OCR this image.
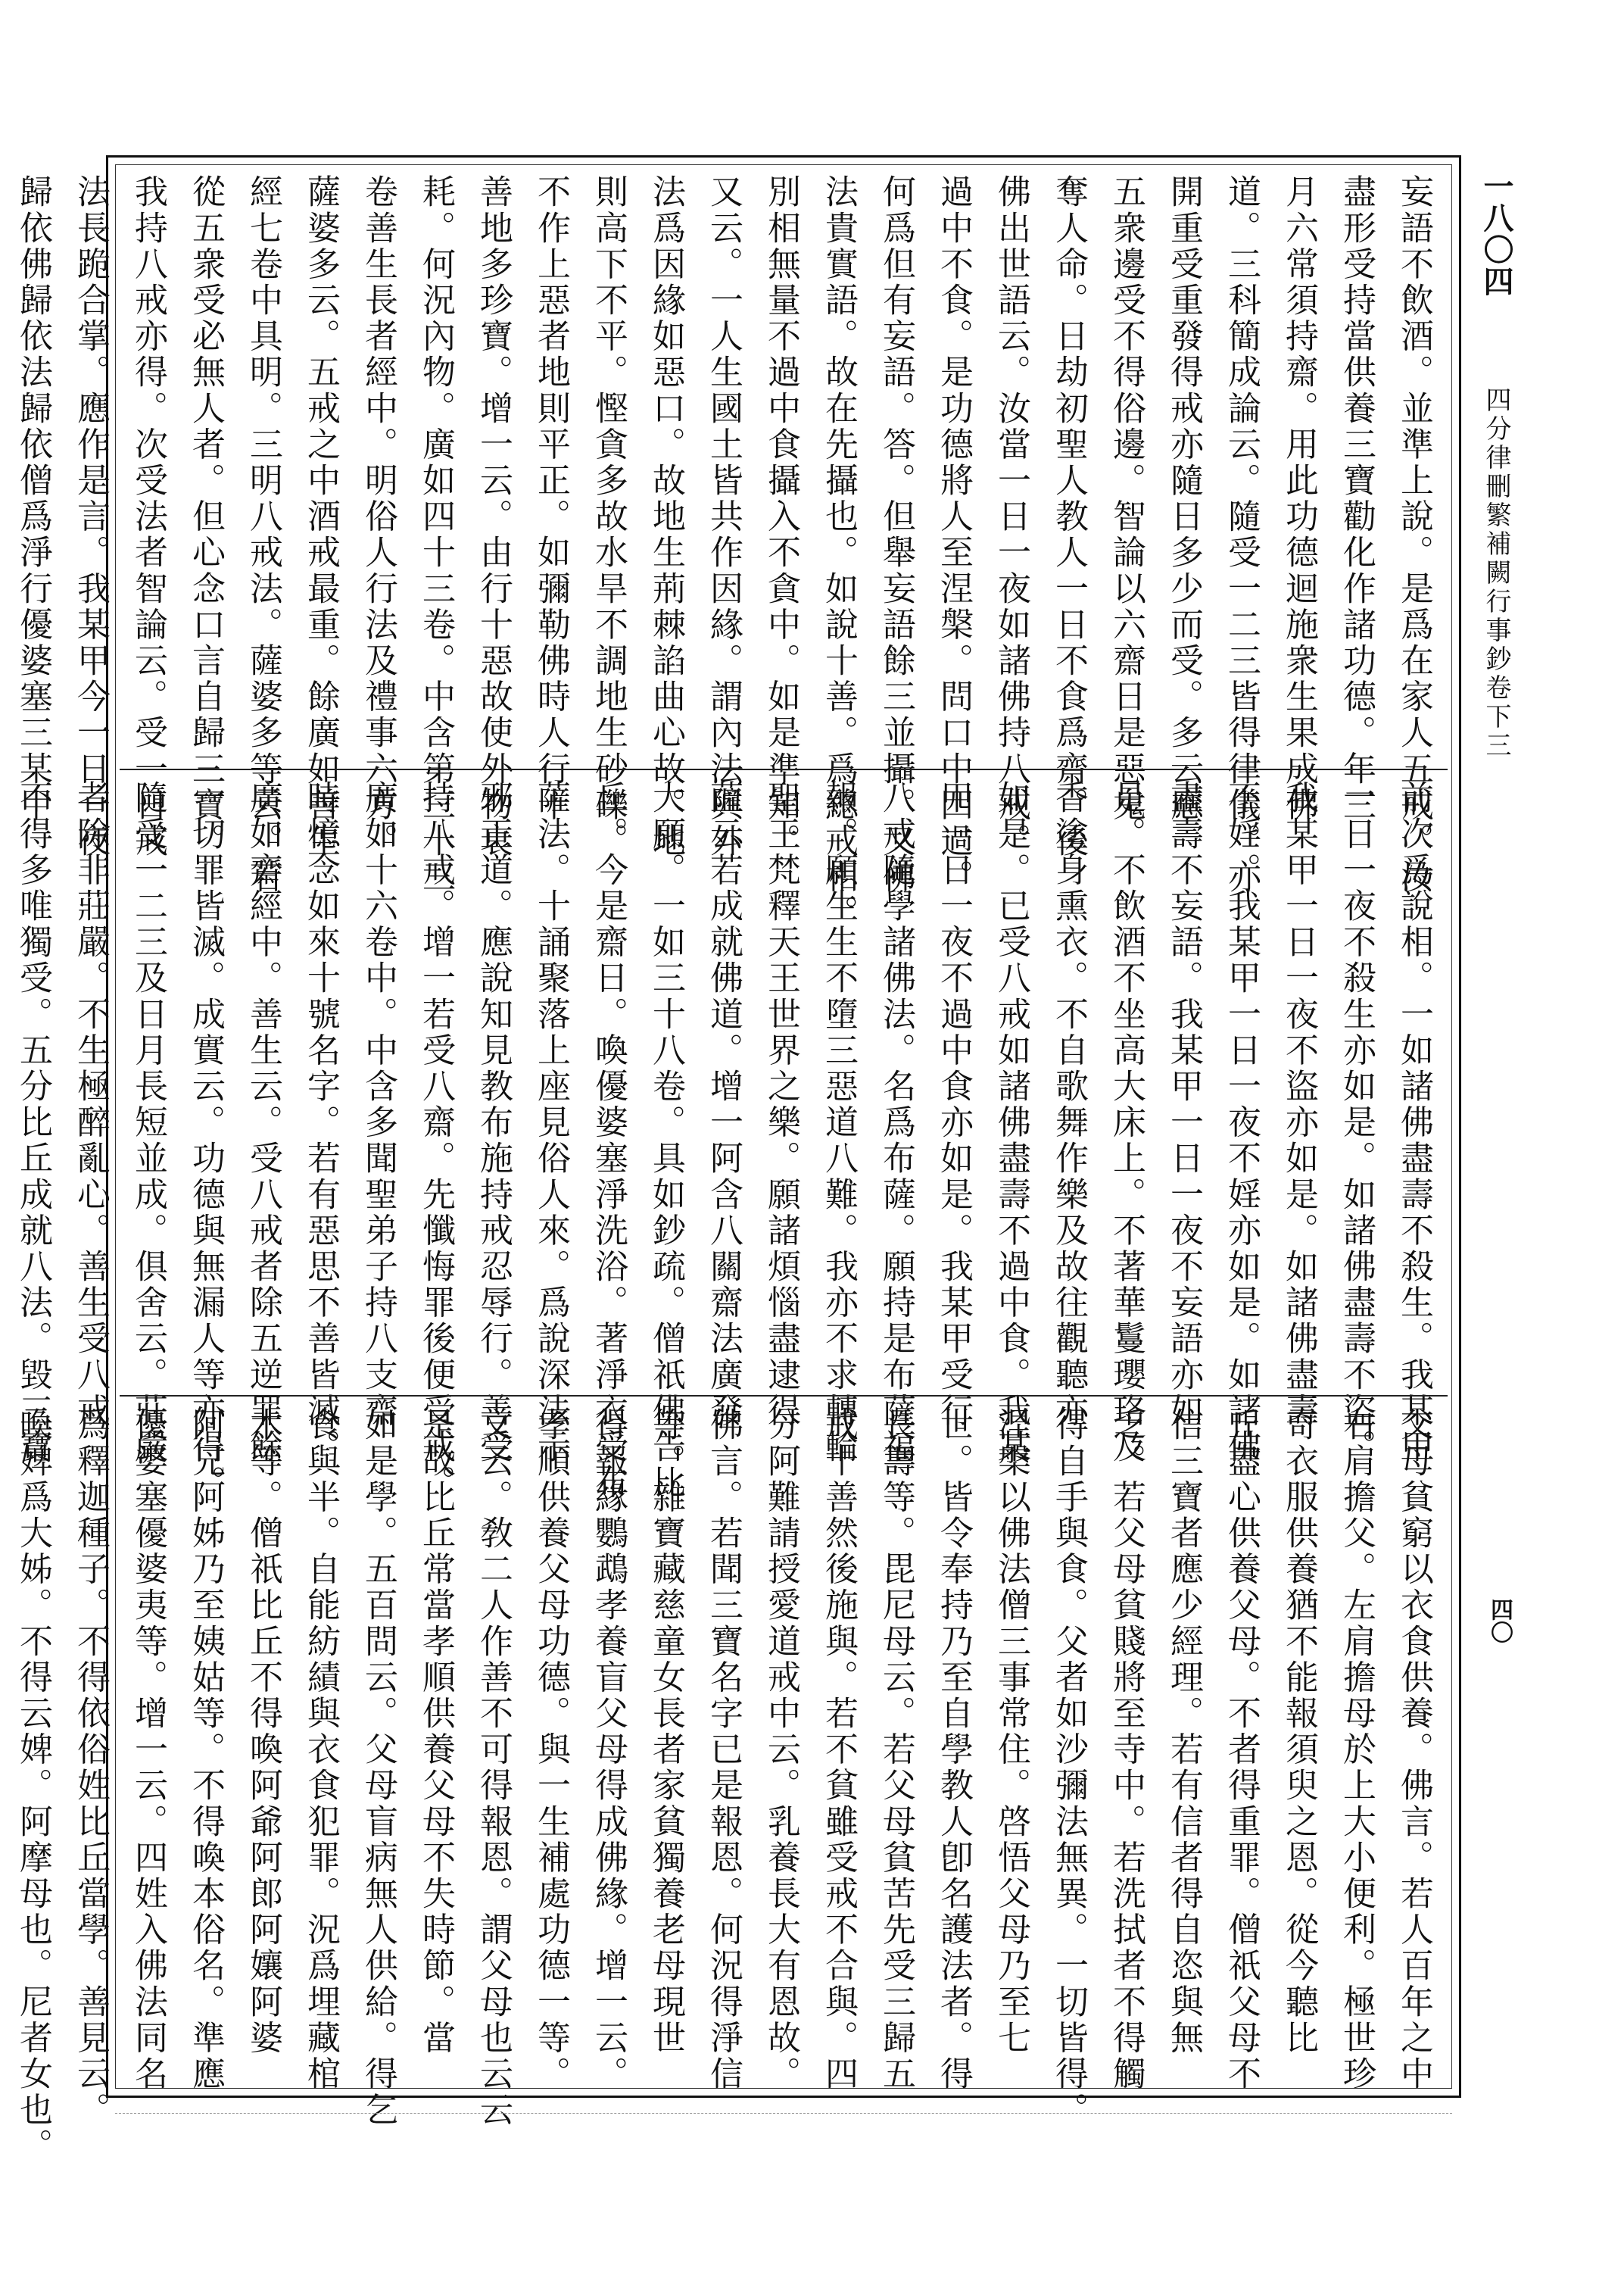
一八〇四
四分律刪繁補闕行事鈔卷下三
四〇
妄語不飲酒。並準上說。是爲在家人五戒。汝
盡形受持當供養三寶勸化作諸功德。年三
月六常須持齋。用此功德迴施衆生果成佛
道。三科簡成論云。隨受一二三皆得律儀。亦
開重受重發得戒亦隨日多少而受。多云應
五衆邊受不得俗邊。智論以六齋日是惡鬼
奪人命。日劫初聖人教人一日不食爲齋。後
佛出世語云。汝當一日一夜如諸佛持八戒。
過中不食。是功德將人至涅槃。問口中四過。
何爲但有妄語。答。但舉妄語餘三並攝。又佛
法貴實語。故在先攝也。如說十善。爲總戒相。
別相無量不過中食攝入不貪中。如是準知。
又云。一人生國土皆共作因緣。謂內法與外
法爲因緣如惡口。故地生荊棘諂曲心故。地
則高下不平。慳貪多故水旱不調地生砂礫。
不作上惡者地則平正。如彌勒佛時人行十
善地多珍寶。增一云。由行十惡故使外物衰
耗。何況內物。廣如四十三卷。中含第三十三
卷善生長者經中。明俗人行法及禮事六方。
薩婆多云。五戒之中酒戒最重。餘廣如善生
經七卷中具明。三明八戒法。薩婆多等云。若
從五衆受必無人者。但心念口言自歸三寶。
我持八戒亦得。次受法者智論云。受一日戒
法長跪合掌。應作是言。我某甲今一日一夜
歸依佛歸依法歸依僧爲淨行優婆塞三某甲
前次爲說相。一如諸佛盡壽不殺生。我某甲
一日一夜不殺生亦如是。如諸佛盡壽不盜。
我某甲一日一夜不盜亦如是。如諸佛盡壽
不婬。我某甲一日一夜不婬亦如是。如諸佛
盡壽不妄語。我某甲一日一夜不妄語亦如
是。不飲酒不坐高大床上。不著華鬘瓔珞及
香塗身熏衣。不自歌舞作樂及故往觀聽亦
如是。已受八戒如諸佛盡壽不過中食。我某
甲一日一夜不過中食亦如是。我某甲受行
八戒隨學諸佛法。名爲布薩。願持是布薩福
報。願生生不墮三惡道八難。我亦不求轉輪
聖王梵釋天王世界之樂。願諸煩惱盡逮得
薩云若成就佛道。增一阿含八關齋法廣發
大願。一如三十八卷。具如鈔疏。僧祇佛告比
丘。今是齋日。喚優婆塞淨洗浴。著淨衣受布
薩法。十誦聚落上座見俗人來。爲說深法示
邪正道。應說知見教布施持戒忍辱行。善受
持八戒。增一若受八齋。先懺悔罪後便受戒。
廣如十六卷中。中含多聞聖弟子持八支齋
時憶念如來十號名字。若有惡思不善皆滅。
廣如齋經中。善生云。受八戒者除五逆罪餘
一切罪皆滅。成實云。功德與無漏人等亦得。
隨受一二三及日月長短並成。俱舍云。莊嚴
者除非莊嚴。不生極醉亂心。善生受八戒
不得多唯獨受。五分比丘成就八法。毀三寶
父母貧窮以衣食供養。佛言。若人百年之中
右肩擔父。左肩擔母於上大小便利。極世珍
奇衣服供養猶不能報須臾之恩。從今聽比
丘盡心供養父母。不者得重罪。僧祇父母不
信三寶者應少經理。若有信者得自恣與無
乏。若父母貧賤將至寺中。若洗拭者不得觸
得自手與食。父者如沙彌法無異。一切皆得。
涅槃以佛法僧三事常住。啓悟父母乃至七
世。皆令奉持乃至自學教人卽名護法者。得
長壽等。毘尼母云。若父母貧苦先受三歸五
戒十善然後施與。若不貧雖受戒不合與。四
分阿難請授愛道戒中云。乳養長大有恩故。
佛言。若聞三寶名字已是報恩。何況得淨信
等。雜寶藏慈童女長者家貧獨養老母現世
得報緣鸚鵡孝養盲父母得成佛緣。增一云。
孝順供養父母功德。與一生補處功德一等。
文云。敎二人作善不可得報恩。謂父母也云云
是故比丘常當孝順供養父母不失時節。當
如是學。五百問云。父母盲病無人供給。得乞
食與半。自能紡績與衣食犯罪。況爲埋藏棺
木等。僧祇比丘不得喚阿爺阿郎阿孃阿婆
阿兄阿姊乃至姨姑等。不得喚本俗名。準應
優婆塞優婆夷等。增一云。四姓入佛法同名
爲釋迦種子。不得依俗姓比丘當學。善見云。
喚婢爲大姊。不得云婢。阿摩母也。尼者女也。
